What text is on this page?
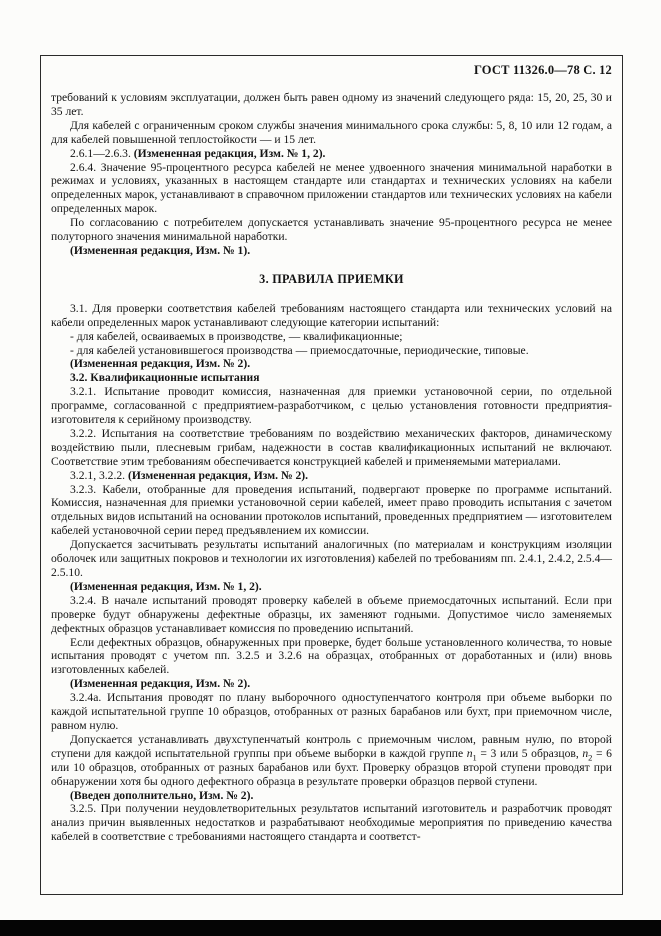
ГОСТ 11326.0—78 С. 12
требований к условиям эксплуатации, должен быть равен одному из значений следующего ряда: 15, 20, 25, 30 и 35 лет.
Для кабелей с ограниченным сроком службы значения минимального срока службы: 5, 8, 10 или 12 годам, а для кабелей повышенной теплостойкости — и 15 лет.
2.6.1—2.6.3. (Измененная редакция, Изм. № 1, 2).
2.6.4. Значение 95-процентного ресурса кабелей не менее удвоенного значения минимальной наработки в режимах и условиях, указанных в настоящем стандарте или стандартах и технических условиях на кабели определенных марок, устанавливают в справочном приложении стандартов или технических условиях на кабели определенных марок.
По согласованию с потребителем допускается устанавливать значение 95-процентного ресурса не менее полуторного значения минимальной наработки.
(Измененная редакция, Изм. № 1).
3. ПРАВИЛА ПРИЕМКИ
3.1. Для проверки соответствия кабелей требованиям настоящего стандарта или технических условий на кабели определенных марок устанавливают следующие категории испытаний:
- для кабелей, осваиваемых в производстве, — квалификационные;
- для кабелей установившегося производства — приемосдаточные, периодические, типовые.
(Измененная редакция, Изм. № 2).
3.2. Квалификационные испытания
3.2.1. Испытание проводит комиссия, назначенная для приемки установочной серии, по отдельной программе, согласованной с предприятием-разработчиком, с целью установления готовности предприятия-изготовителя к серийному производству.
3.2.2. Испытания на соответствие требованиям по воздействию механических факторов, динамическому воздействию пыли, плесневым грибам, надежности в состав квалификационных испытаний не включают. Соответствие этим требованиям обеспечивается конструкцией кабелей и применяемыми материалами.
3.2.1, 3.2.2. (Измененная редакция, Изм. № 2).
3.2.3. Кабели, отобранные для проведения испытаний, подвергают проверке по программе испытаний. Комиссия, назначенная для приемки установочной серии кабелей, имеет право проводить испытания с зачетом отдельных видов испытаний на основании протоколов испытаний, проведенных предприятием — изготовителем кабелей установочной серии перед предъявлением их комиссии.
Допускается засчитывать результаты испытаний аналогичных (по материалам и конструкциям изоляции оболочек или защитных покровов и технологии их изготовления) кабелей по требованиям пп. 2.4.1, 2.4.2, 2.5.4—2.5.10.
(Измененная редакция, Изм. № 1, 2).
3.2.4. В начале испытаний проводят проверку кабелей в объеме приемосдаточных испытаний. Если при проверке будут обнаружены дефектные образцы, их заменяют годными. Допустимое число заменяемых дефектных образцов устанавливает комиссия по проведению испытаний.
Если дефектных образцов, обнаруженных при проверке, будет больше установленного количества, то новые испытания проводят с учетом пп. 3.2.5 и 3.2.6 на образцах, отобранных от доработанных и (или) вновь изготовленных кабелей.
(Измененная редакция, Изм. № 2).
3.2.4а. Испытания проводят по плану выборочного одноступенчатого контроля при объеме выборки по каждой испытательной группе 10 образцов, отобранных от разных барабанов или бухт, при приемочном числе, равном нулю.
Допускается устанавливать двухступенчатый контроль с приемочным числом, равным нулю, по второй ступени для каждой испытательной группы при объеме выборки в каждой группе $n_1 = 3$ или 5 образцов, $n_2 = 6$ или 10 образцов, отобранных от разных барабанов или бухт. Проверку образцов второй ступени проводят при обнаружении хотя бы одного дефектного образца в результате проверки образцов первой ступени.
(Введен дополнительно, Изм. № 2).
3.2.5. При получении неудовлетворительных результатов испытаний изготовитель и разработчик проводят анализ причин выявленных недостатков и разрабатывают необходимые мероприятия по приведению качества кабелей в соответствие с требованиями настоящего стандарта и соответст-
